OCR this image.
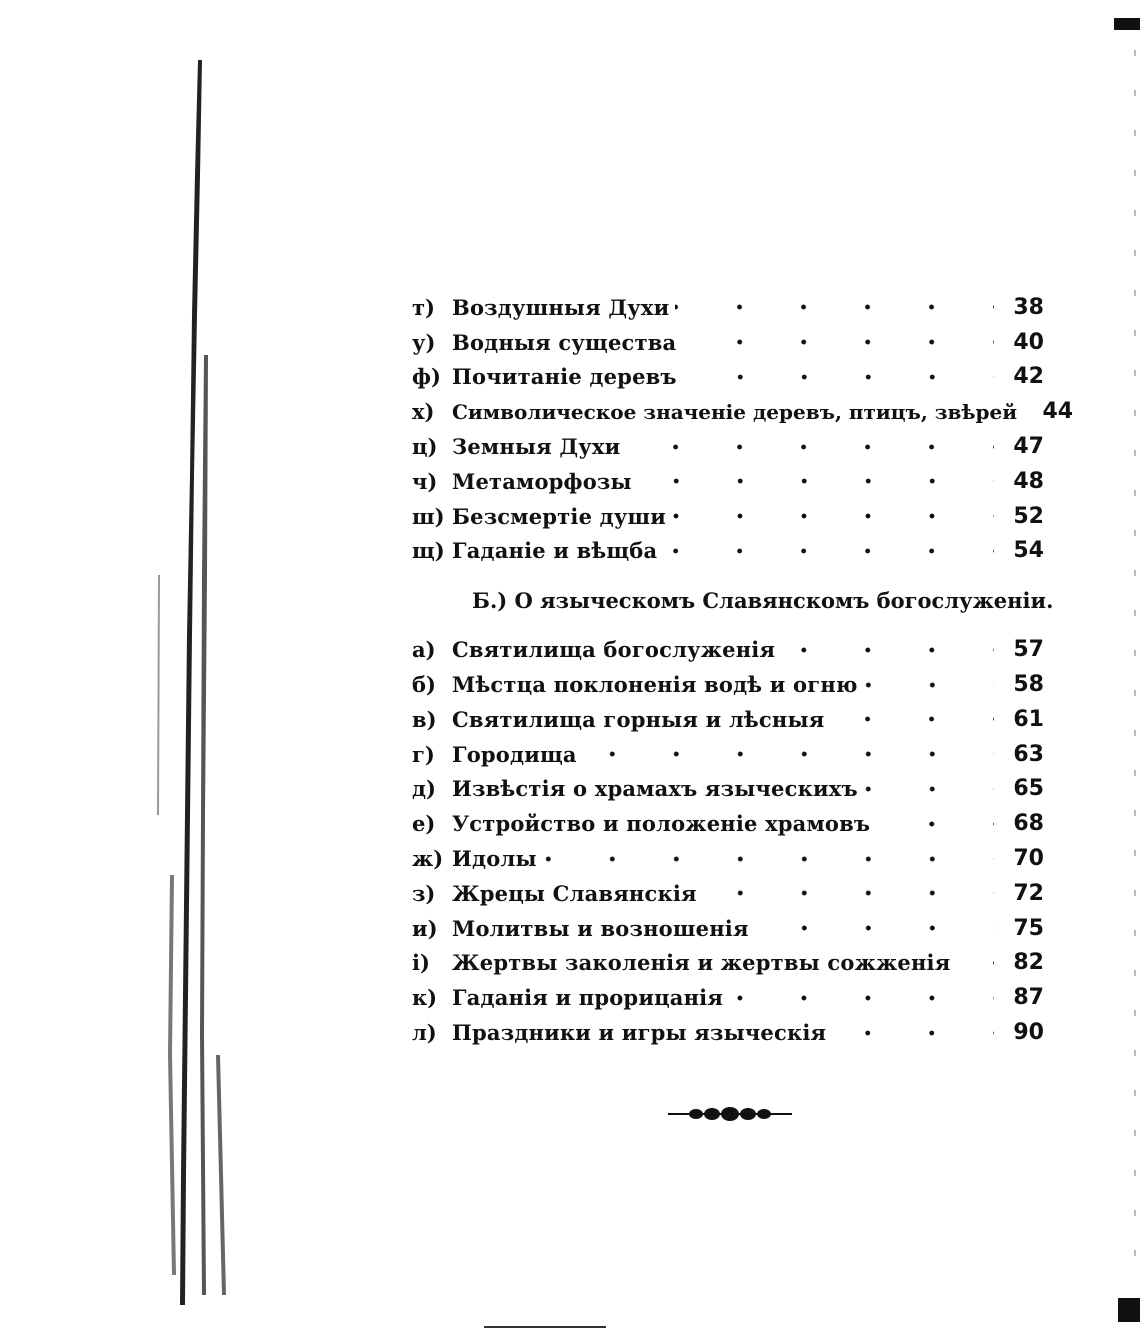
т) Воздушныя Духи	38
у) Водныя существа	40
ф) Почитаніе деревъ	42
х) Символическое значеніе деревъ, птицъ, звѣрей	44
ц) Земныя Духи	47
ч) Метаморфозы	48
ш) Безсмертіе души	52
щ) Гаданіе и вѣщба	54
Б.) О языческомъ Славянскомъ богослуженіи.
а) Святилища богослуженія	57
б) Мѣстца поклоненія водѣ и огню	58
в) Святилища горныя и лѣсныя	61
г) Городища	63
д) Извѣстія о храмахъ языческихъ	65
е) Устройство и положеніе храмовъ	68
ж) Идолы	70
з) Жрецы Славянскія	72
и) Молитвы и возношенія	75
і)	Жертвы заколенія и жертвы сожженія	82
к) Гаданія и прорицанія	87
л) Праздники и игры языческія	90
